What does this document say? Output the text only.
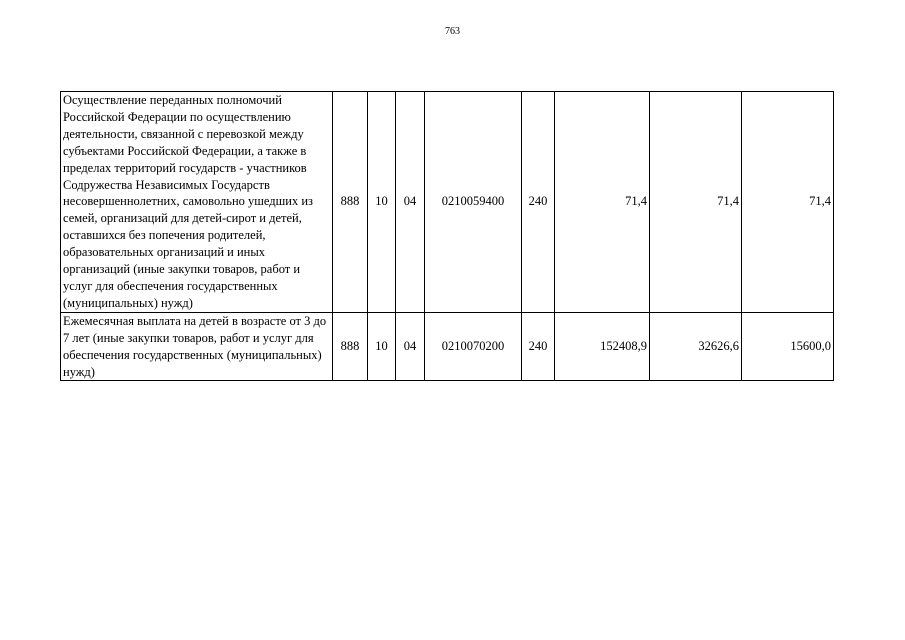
763
Осуществление переданных полномочий Российской Федерации по осуществлению деятельности, связанной с перевозкой между субъектами Российской Федерации, а также в пределах территорий государств - участников Содружества Независимых Государств несовершеннолетних, самовольно ушедших из семей, организаций для детей-сирот и детей, оставшихся без попечения родителей, образовательных организаций и иных организаций (иные закупки товаров, работ и услуг для обеспечения государственных (муниципальных) нужд)	888	10	04	0210059400	240	71,4	71,4	71,4
Ежемесячная выплата на детей в возрасте от 3 до 7 лет (иные закупки товаров, работ и услуг для обеспечения государственных (муниципальных) нужд)	888	10	04	0210070200	240	152408,9	32626,6	15600,0
